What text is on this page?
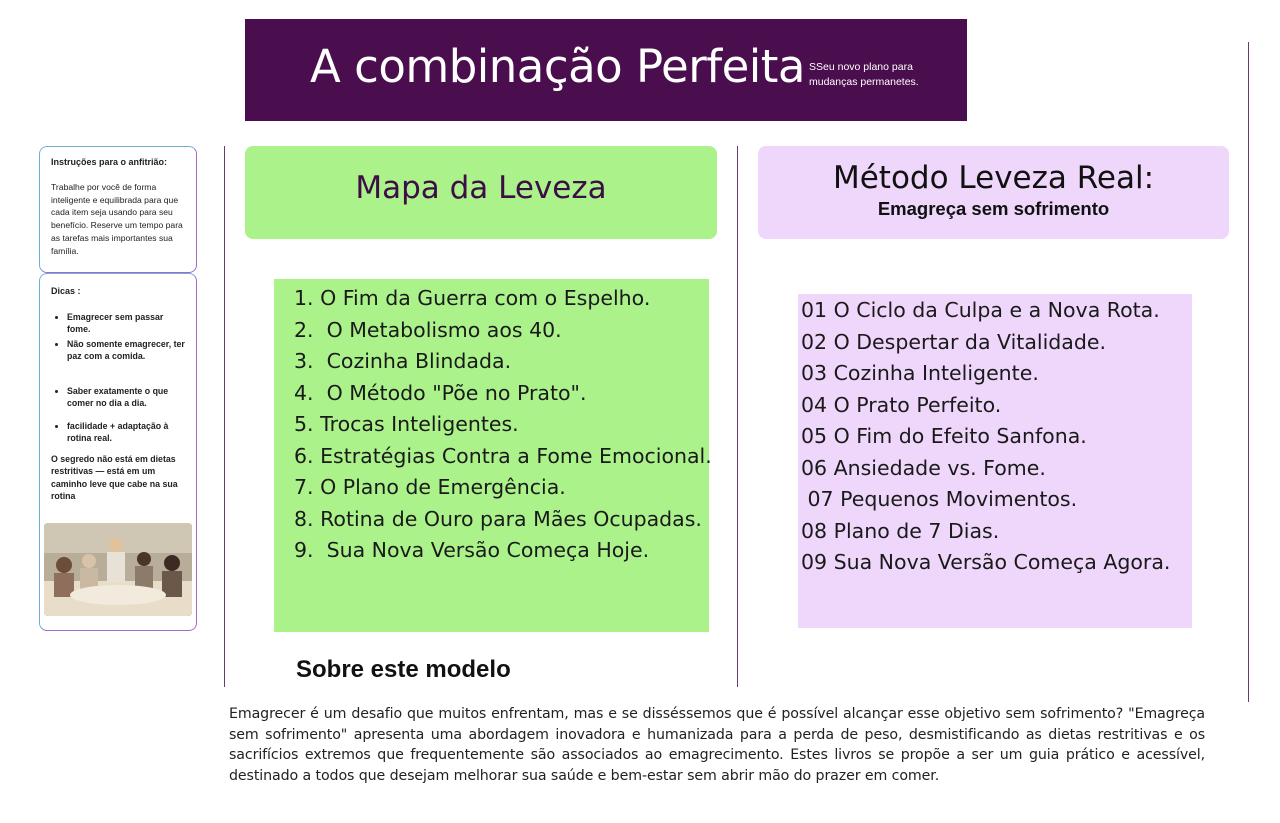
A combinação Perfeita SSeu novo plano para mudanças permanetes.
Instruções para o anfitrião:
Trabalhe por você de forma inteligente e equilibrada para que cada item seja usando para seu benefício. Reserve um tempo para as tarefas mais importantes sua família.
Dicas :
• Emagrecer sem passar fome.
• Não somente emagrecer, ter paz com a comida.
• Saber exatamente o que comer no dia a dia.
• facilidade + adaptação à rotina real.
O segredo não está em dietas restritivas — está em um caminho leve que cabe na sua rotina
Mapa da Leveza
1. O Fim da Guerra com o Espelho.
2.  O Metabolismo aos 40.
3.  Cozinha Blindada.
4.  O Método "Põe no Prato".
5. Trocas Inteligentes.
6. Estratégias Contra a Fome Emocional.
7. O Plano de Emergência.
8. Rotina de Ouro para Mães Ocupadas.
9.  Sua Nova Versão Começa Hoje.
Método Leveza Real:
Emagreça sem sofrimento
01 O Ciclo da Culpa e a Nova Rota.
02 O Despertar da Vitalidade.
03 Cozinha Inteligente.
04 O Prato Perfeito.
05 O Fim do Efeito Sanfona.
06 Ansiedade vs. Fome.
07 Pequenos Movimentos.
08 Plano de 7 Dias.
09 Sua Nova Versão Começa Agora.
Sobre este modelo
Emagrecer é um desafio que muitos enfrentam, mas e se disséssemos que é possível alcançar esse objetivo sem sofrimento? "Emagreça sem sofrimento" apresenta uma abordagem inovadora e humanizada para a perda de peso, desmistificando as dietas restritivas e os sacrifícios extremos que frequentemente são associados ao emagrecimento. Estes livros se propõe a ser um guia prático e acessível, destinado a todos que desejam melhorar sua saúde e bem-estar sem abrir mão do prazer em comer.
